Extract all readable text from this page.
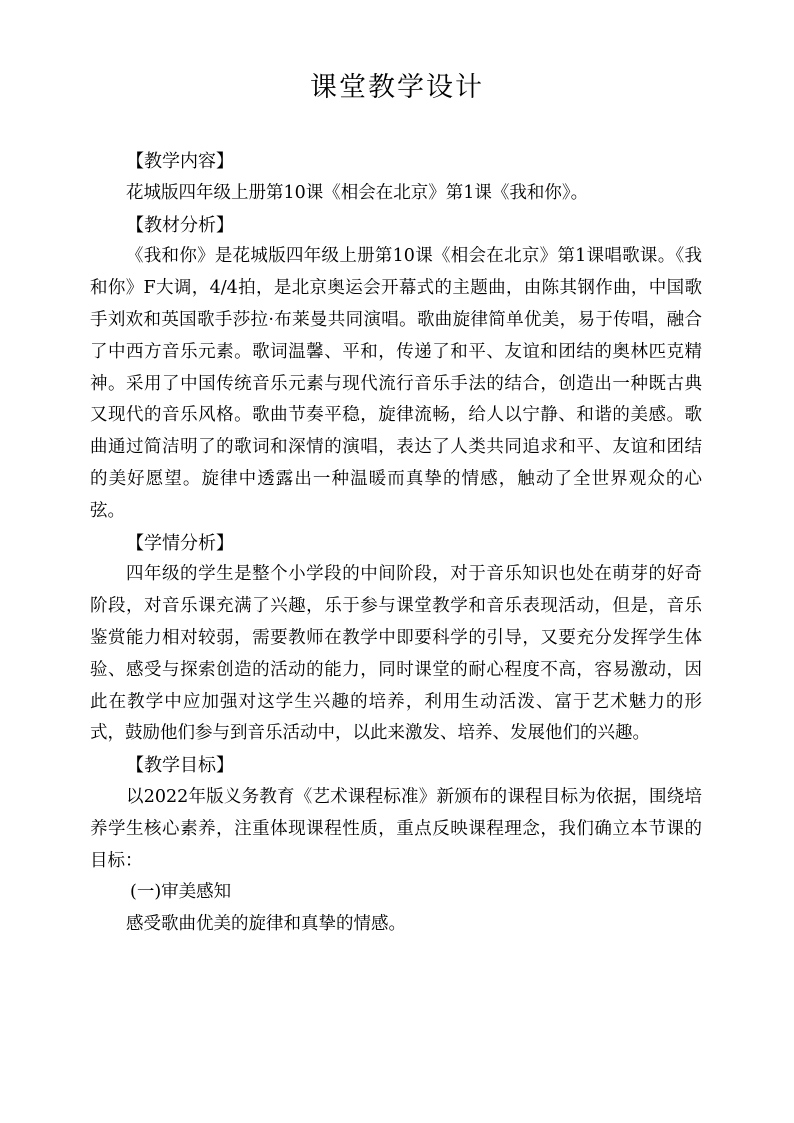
课堂教学设计
【教学内容】

花城版四年级上册第10课《相会在北京》第1课《我和你》。

【教材分析】

《我和你》是花城版四年级上册第10课《相会在北京》第1课唱歌课。《我和你》F大调，4/4拍，是北京奥运会开幕式的主题曲，由陈其钢作曲，中国歌手刘欢和英国歌手莎拉·布莱曼共同演唱。歌曲旋律简单优美，易于传唱，融合了中西方音乐元素。歌词温馨、平和，传递了和平、友谊和团结的奥林匹克精神。采用了中国传统音乐元素与现代流行音乐手法的结合，创造出一种既古典又现代的音乐风格。歌曲节奏平稳，旋律流畅，给人以宁静、和谐的美感。歌曲通过简洁明了的歌词和深情的演唱，表达了人类共同追求和平、友谊和团结的美好愿望。旋律中透露出一种温暖而真挚的情感，触动了全世界观众的心弦。

【学情分析】

四年级的学生是整个小学段的中间阶段，对于音乐知识也处在萌芽的好奇阶段，对音乐课充满了兴趣，乐于参与课堂教学和音乐表现活动，但是，音乐鉴赏能力相对较弱，需要教师在教学中即要科学的引导，又要充分发挥学生体验、感受与探索创造的活动的能力，同时课堂的耐心程度不高，容易激动，因此在教学中应加强对这学生兴趣的培养，利用生动活泼、富于艺术魅力的形式，鼓励他们参与到音乐活动中，以此来激发、培养、发展他们的兴趣。

【教学目标】

以2022年版义务教育《艺术课程标准》新颁布的课程目标为依据，围绕培养学生核心素养，注重体现课程性质，重点反映课程理念，我们确立本节课的目标：

(一)审美感知

感受歌曲优美的旋律和真挚的情感。
